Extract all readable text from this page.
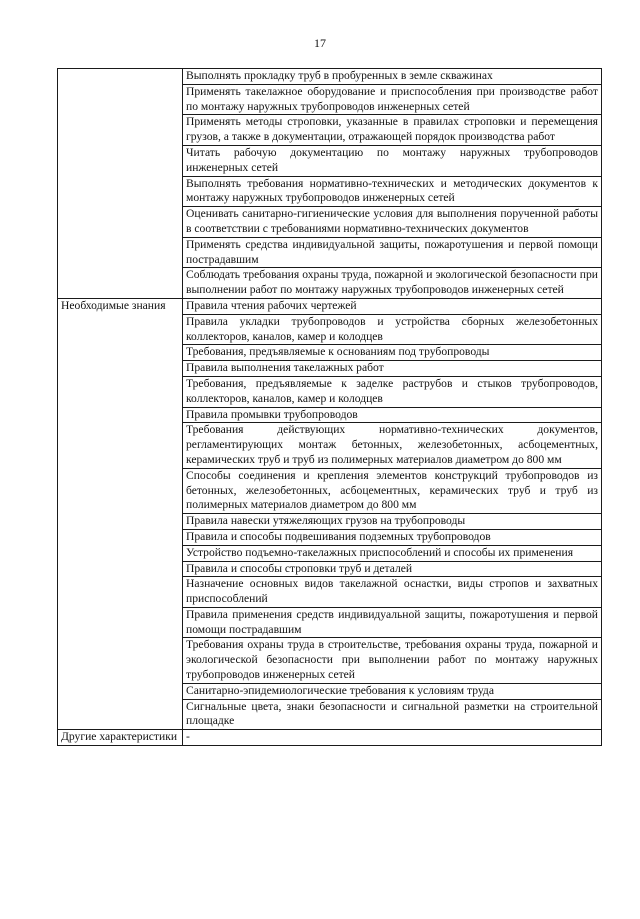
17
	Выполнять прокладку труб в пробуренных в земле скважинах
	Применять такелажное оборудование и приспособления при производстве работ по монтажу наружных трубопроводов инженерных сетей
	Применять методы строповки, указанные в правилах строповки и перемещения грузов, а также в документации, отражающей порядок производства работ
	Читать рабочую документацию по монтажу наружных трубопроводов инженерных сетей
	Выполнять требования нормативно-технических и методических документов к монтажу наружных трубопроводов инженерных сетей
	Оценивать санитарно-гигиенические условия для выполнения порученной работы в соответствии с требованиями нормативно-технических документов
	Применять средства индивидуальной защиты, пожаротушения и первой помощи пострадавшим
	Соблюдать требования охраны труда, пожарной и экологической безопасности при выполнении работ по монтажу наружных трубопроводов инженерных сетей
Необходимые знания	Правила чтения рабочих чертежей
	Правила укладки трубопроводов и устройства сборных железобетонных коллекторов, каналов, камер и колодцев
	Требования, предъявляемые к основаниям под трубопроводы
	Правила выполнения такелажных работ
	Требования, предъявляемые к заделке раструбов и стыков трубопроводов, коллекторов, каналов, камер и колодцев
	Правила промывки трубопроводов
	Требования действующих нормативно-технических документов, регламентирующих монтаж бетонных, железобетонных, асбоцементных, керамических труб и труб из полимерных материалов диаметром до 800 мм
	Способы соединения и крепления элементов конструкций трубопроводов из бетонных, железобетонных, асбоцементных, керамических труб и труб из полимерных материалов диаметром до 800 мм
	Правила навески утяжеляющих грузов на трубопроводы
	Правила и способы подвешивания подземных трубопроводов
	Устройство подъемно-такелажных приспособлений и способы их применения
	Правила и способы строповки труб и деталей
	Назначение основных видов такелажной оснастки, виды стропов и захватных приспособлений
	Правила применения средств индивидуальной защиты, пожаротушения и первой помощи пострадавшим
	Требования охраны труда в строительстве, требования охраны труда, пожарной и экологической безопасности при выполнении работ по монтажу наружных трубопроводов инженерных сетей
	Санитарно-эпидемиологические требования к условиям труда
	Сигнальные цвета, знаки безопасности и сигнальной разметки на строительной площадке
Другие характеристики	-
